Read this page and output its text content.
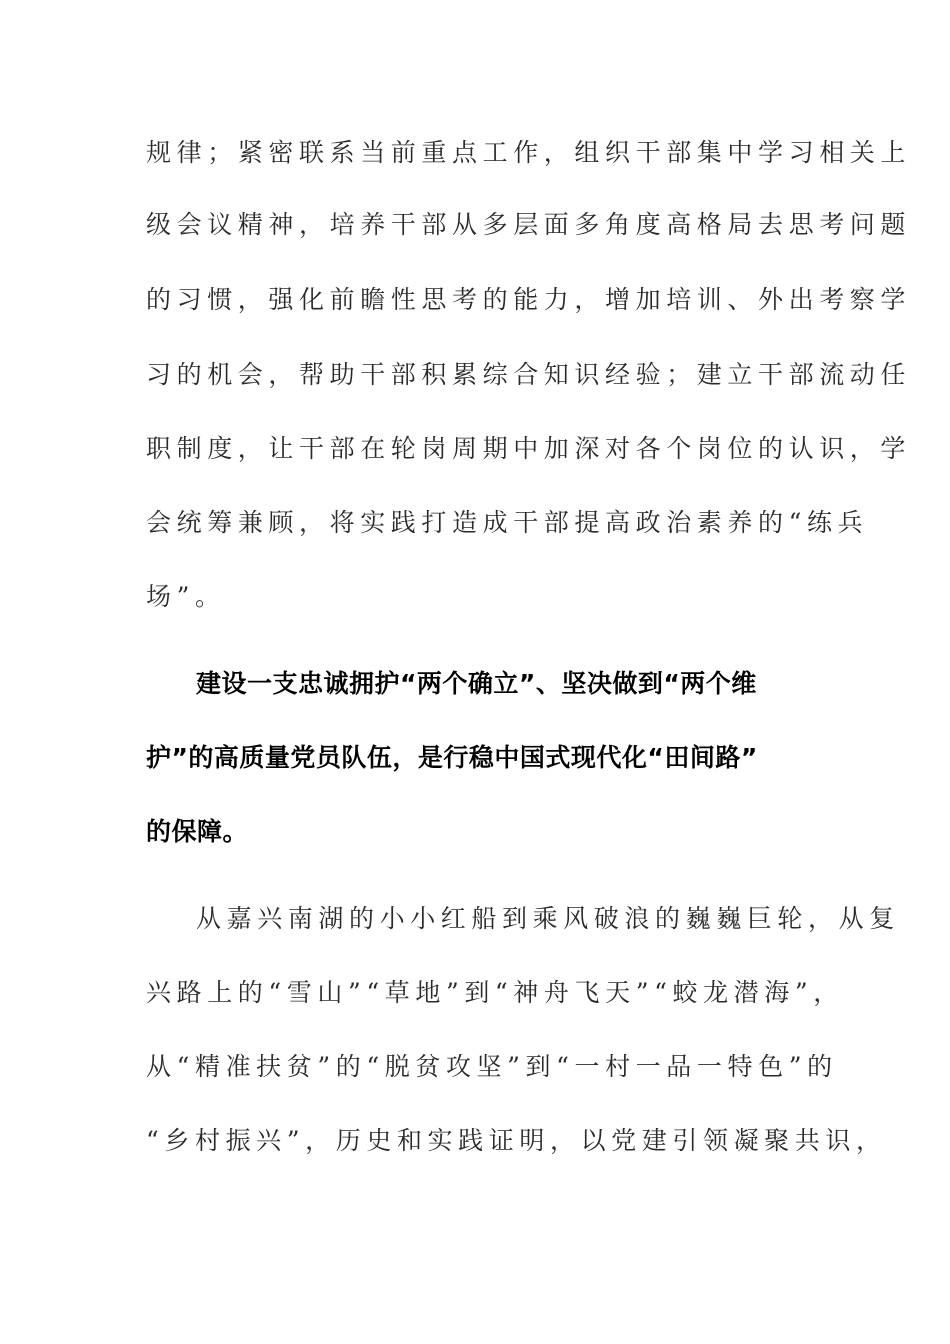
规律；紧密联系当前重点工作，组织干部集中学习相关上
级会议精神，培养干部从多层面多角度高格局去思考问题
的习惯，强化前瞻性思考的能力，增加培训、外出考察学
习的机会，帮助干部积累综合知识经验；建立干部流动任
职制度，让干部在轮岗周期中加深对各个岗位的认识，学
会统筹兼顾，将实践打造成干部提高政治素养的“练兵
场”。
建设一支忠诚拥护“两个确立”、坚决做到“两个维
护”的高质量党员队伍，是行稳中国式现代化“田间路”
的保障。
从嘉兴南湖的小小红船到乘风破浪的巍巍巨轮，从复
兴路上的“雪山”“草地”到“神舟飞天”“蛟龙潜海”，
从“精准扶贫”的“脱贫攻坚”到“一村一品一特色”的
“乡村振兴”，历史和实践证明，以党建引领凝聚共识，
